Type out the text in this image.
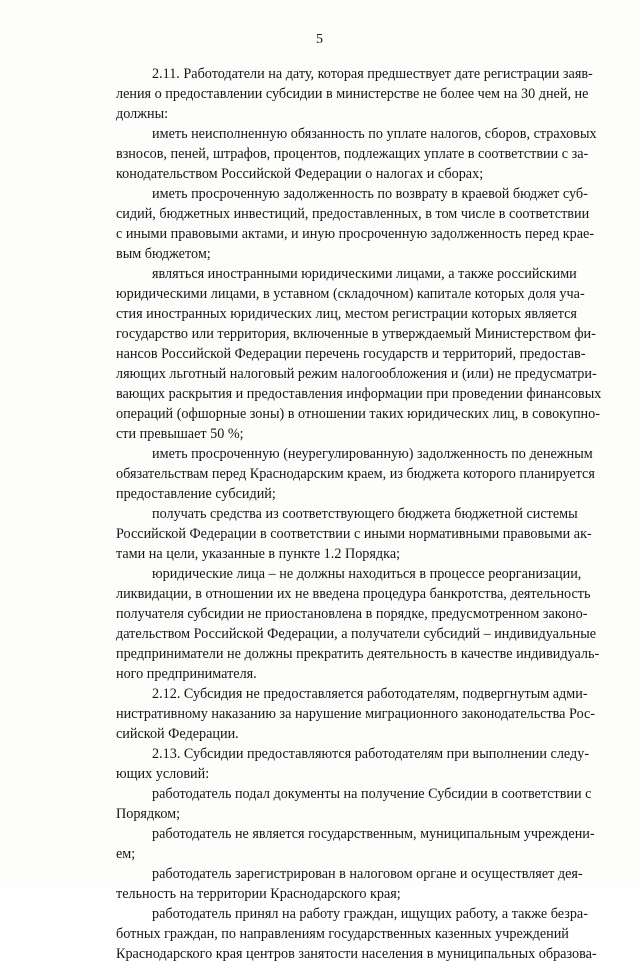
5
2.11. Работодатели на дату, которая предшествует дате регистрации заяв-
ления о предоставлении субсидии в министерстве не более чем на 30 дней, не
должны:
иметь неисполненную обязанность по уплате налогов, сборов, страховых
взносов, пеней, штрафов, процентов, подлежащих уплате в соответствии с за-
конодательством Российской Федерации о налогах и сборах;
иметь просроченную задолженность по возврату в краевой бюджет суб-
сидий, бюджетных инвестиций, предоставленных, в том числе в соответствии
с иными правовыми актами, и иную просроченную задолженность перед крае-
вым бюджетом;
являться иностранными юридическими лицами, а также российскими
юридическими лицами, в уставном (складочном) капитале которых доля уча-
стия иностранных юридических лиц, местом регистрации которых является
государство или территория, включенные в утверждаемый Министерством фи-
нансов Российской Федерации перечень государств и территорий, предостав-
ляющих льготный налоговый режим налогообложения и (или) не предусматри-
вающих раскрытия и предоставления информации при проведении финансовых
операций (офшорные зоны) в отношении таких юридических лиц, в совокупно-
сти превышает 50 %;
иметь просроченную (неурегулированную) задолженность по денежным
обязательствам перед Краснодарским краем, из бюджета которого планируется
предоставление субсидий;
получать средства из соответствующего бюджета бюджетной системы
Российской Федерации в соответствии с иными нормативными правовыми ак-
тами на цели, указанные в пункте 1.2 Порядка;
юридические лица – не должны находиться в процессе реорганизации,
ликвидации, в отношении их не введена процедура банкротства, деятельность
получателя субсидии не приостановлена в порядке, предусмотренном законо-
дательством Российской Федерации, а получатели субсидий – индивидуальные
предприниматели не должны прекратить деятельность в качестве индивидуаль-
ного предпринимателя.
2.12. Субсидия не предоставляется работодателям, подвергнутым адми-
нистративному наказанию за нарушение миграционного законодательства Рос-
сийской Федерации.
2.13. Субсидии предоставляются работодателям при выполнении следу-
ющих условий:
работодатель подал документы на получение Субсидии в соответствии с
Порядком;
работодатель не является государственным, муниципальным учреждени-
ем;
работодатель зарегистрирован в налоговом органе и осуществляет дея-
тельность на территории Краснодарского края;
работодатель принял на работу граждан, ищущих работу, а также безра-
ботных граждан, по направлениям государственных казенных учреждений
Краснодарского края центров занятости населения в муниципальных образова-
